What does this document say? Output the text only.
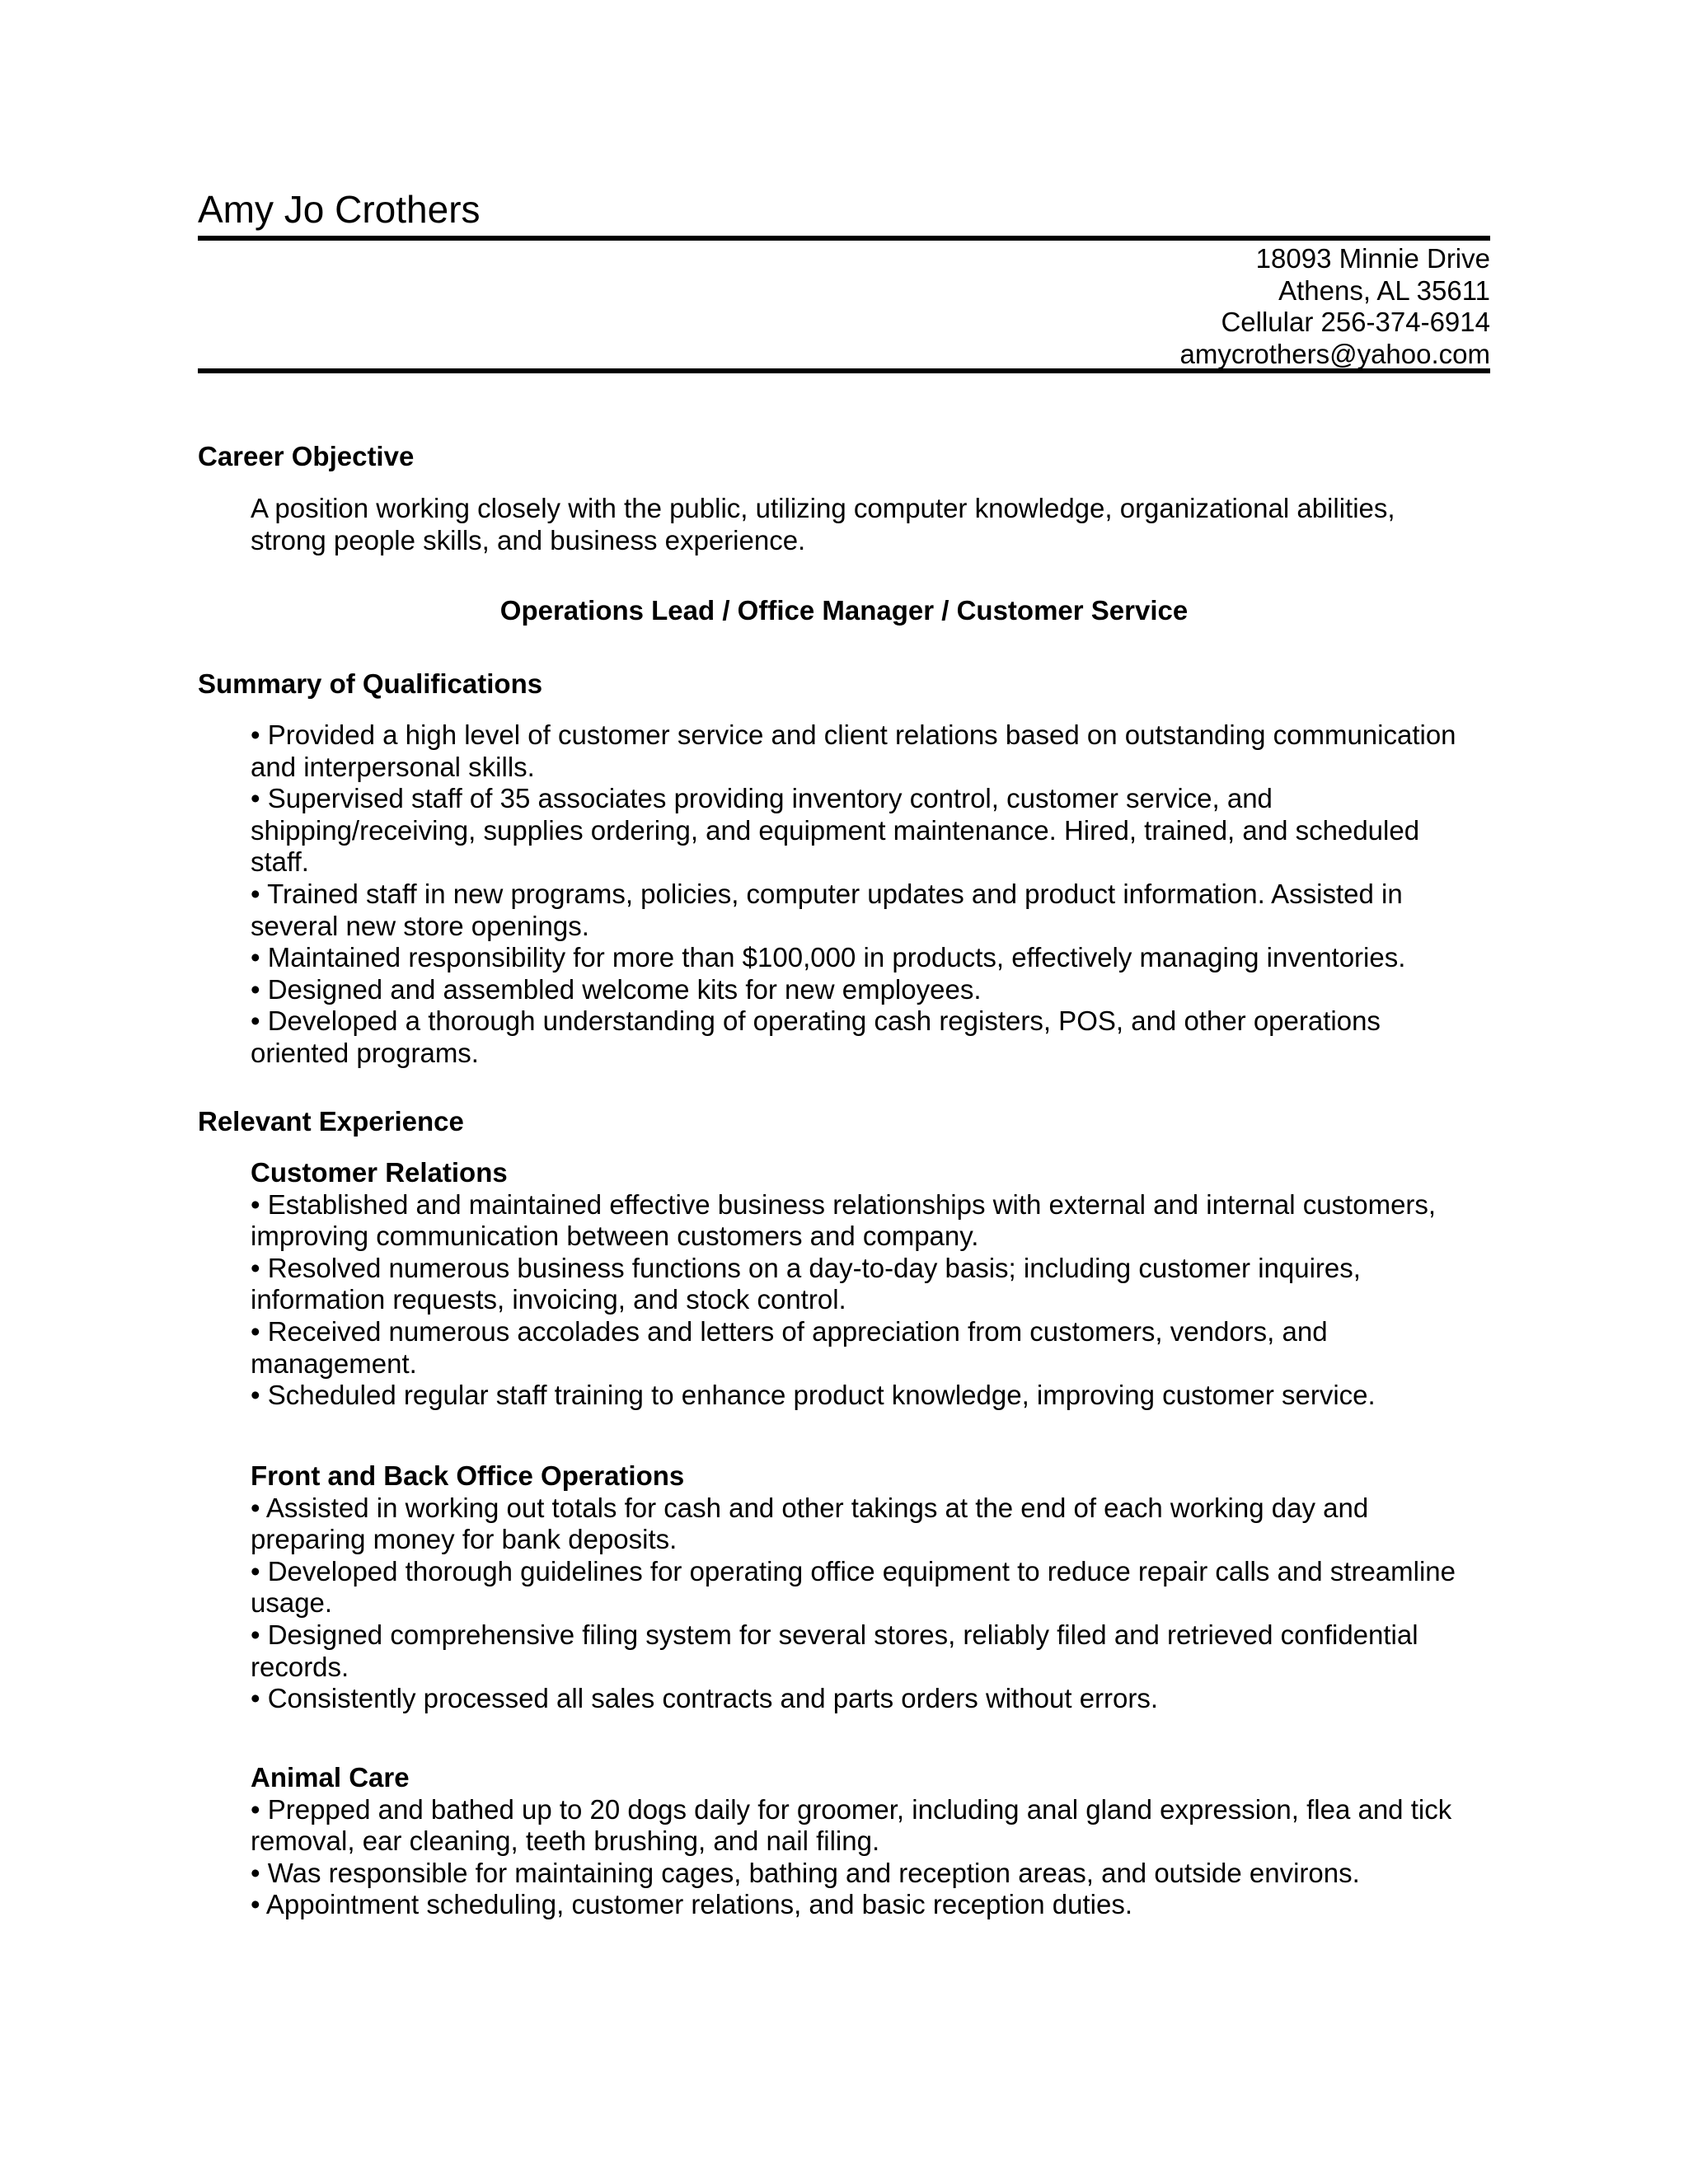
Amy Jo Crothers
18093 Minnie Drive
Athens, AL 35611
Cellular 256-374-6914
amycrothers@yahoo.com
Career Objective
A position working closely with the public, utilizing computer knowledge, organizational abilities,
strong people skills, and business experience.
Operations Lead / Office Manager / Customer Service
Summary of Qualifications
• Provided a high level of customer service and client relations based on outstanding communication
and interpersonal skills.
• Supervised staff of 35 associates providing inventory control, customer service, and
shipping/receiving, supplies ordering, and equipment maintenance. Hired, trained, and scheduled
staff.
• Trained staff in new programs, policies, computer updates and product information. Assisted in
several new store openings.
• Maintained responsibility for more than $100,000 in products, effectively managing inventories.
• Designed and assembled welcome kits for new employees.
• Developed a thorough understanding of operating cash registers, POS, and other operations
oriented programs.
Relevant Experience
Customer Relations
• Established and maintained effective business relationships with external and internal customers,
improving communication between customers and company.
• Resolved numerous business functions on a day-to-day basis; including customer inquires,
information requests, invoicing, and stock control.
• Received numerous accolades and letters of appreciation from customers, vendors, and
management.
• Scheduled regular staff training to enhance product knowledge, improving customer service.
Front and Back Office Operations
• Assisted in working out totals for cash and other takings at the end of each working day and
preparing money for bank deposits.
• Developed thorough guidelines for operating office equipment to reduce repair calls and streamline
usage.
• Designed comprehensive filing system for several stores, reliably filed and retrieved confidential
records.
• Consistently processed all sales contracts and parts orders without errors.
Animal Care
• Prepped and bathed up to 20 dogs daily for groomer, including anal gland expression, flea and tick
removal, ear cleaning, teeth brushing, and nail filing.
• Was responsible for maintaining cages, bathing and reception areas, and outside environs.
• Appointment scheduling, customer relations, and basic reception duties.
